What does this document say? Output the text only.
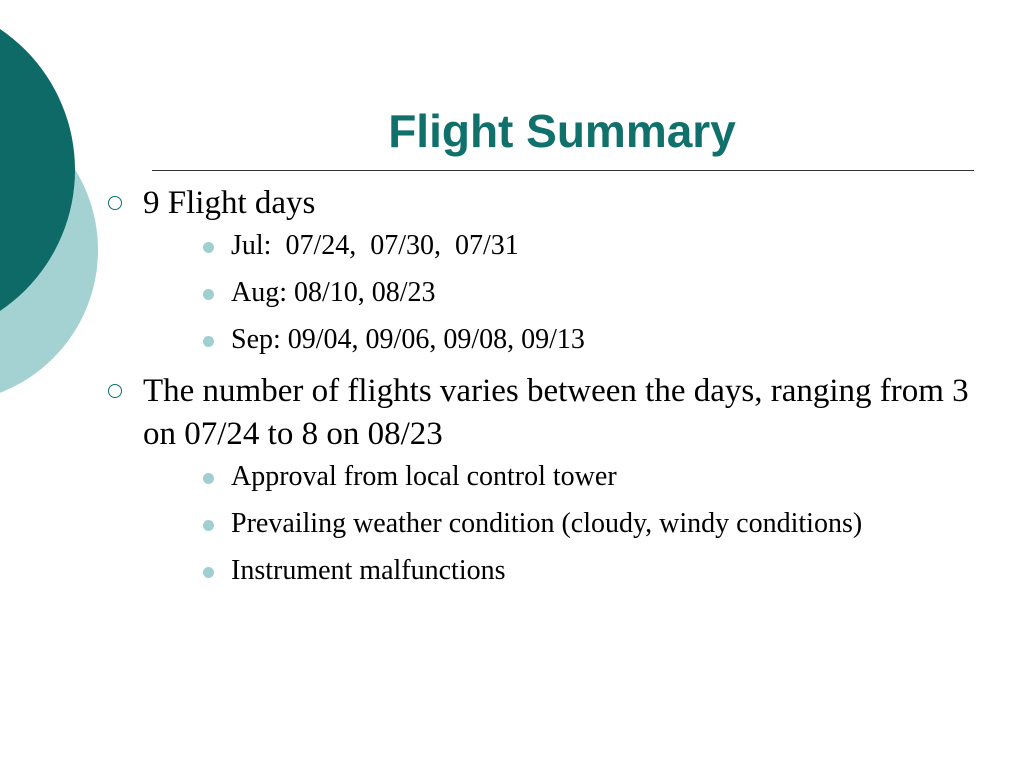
Flight Summary
9 Flight days
Jul:  07/24,  07/30,  07/31
Aug: 08/10, 08/23
Sep: 09/04, 09/06, 09/08, 09/13
The number of flights varies between the days, ranging from 3 on 07/24 to 8 on 08/23
Approval from local control tower
Prevailing weather condition (cloudy, windy conditions)
Instrument malfunctions
